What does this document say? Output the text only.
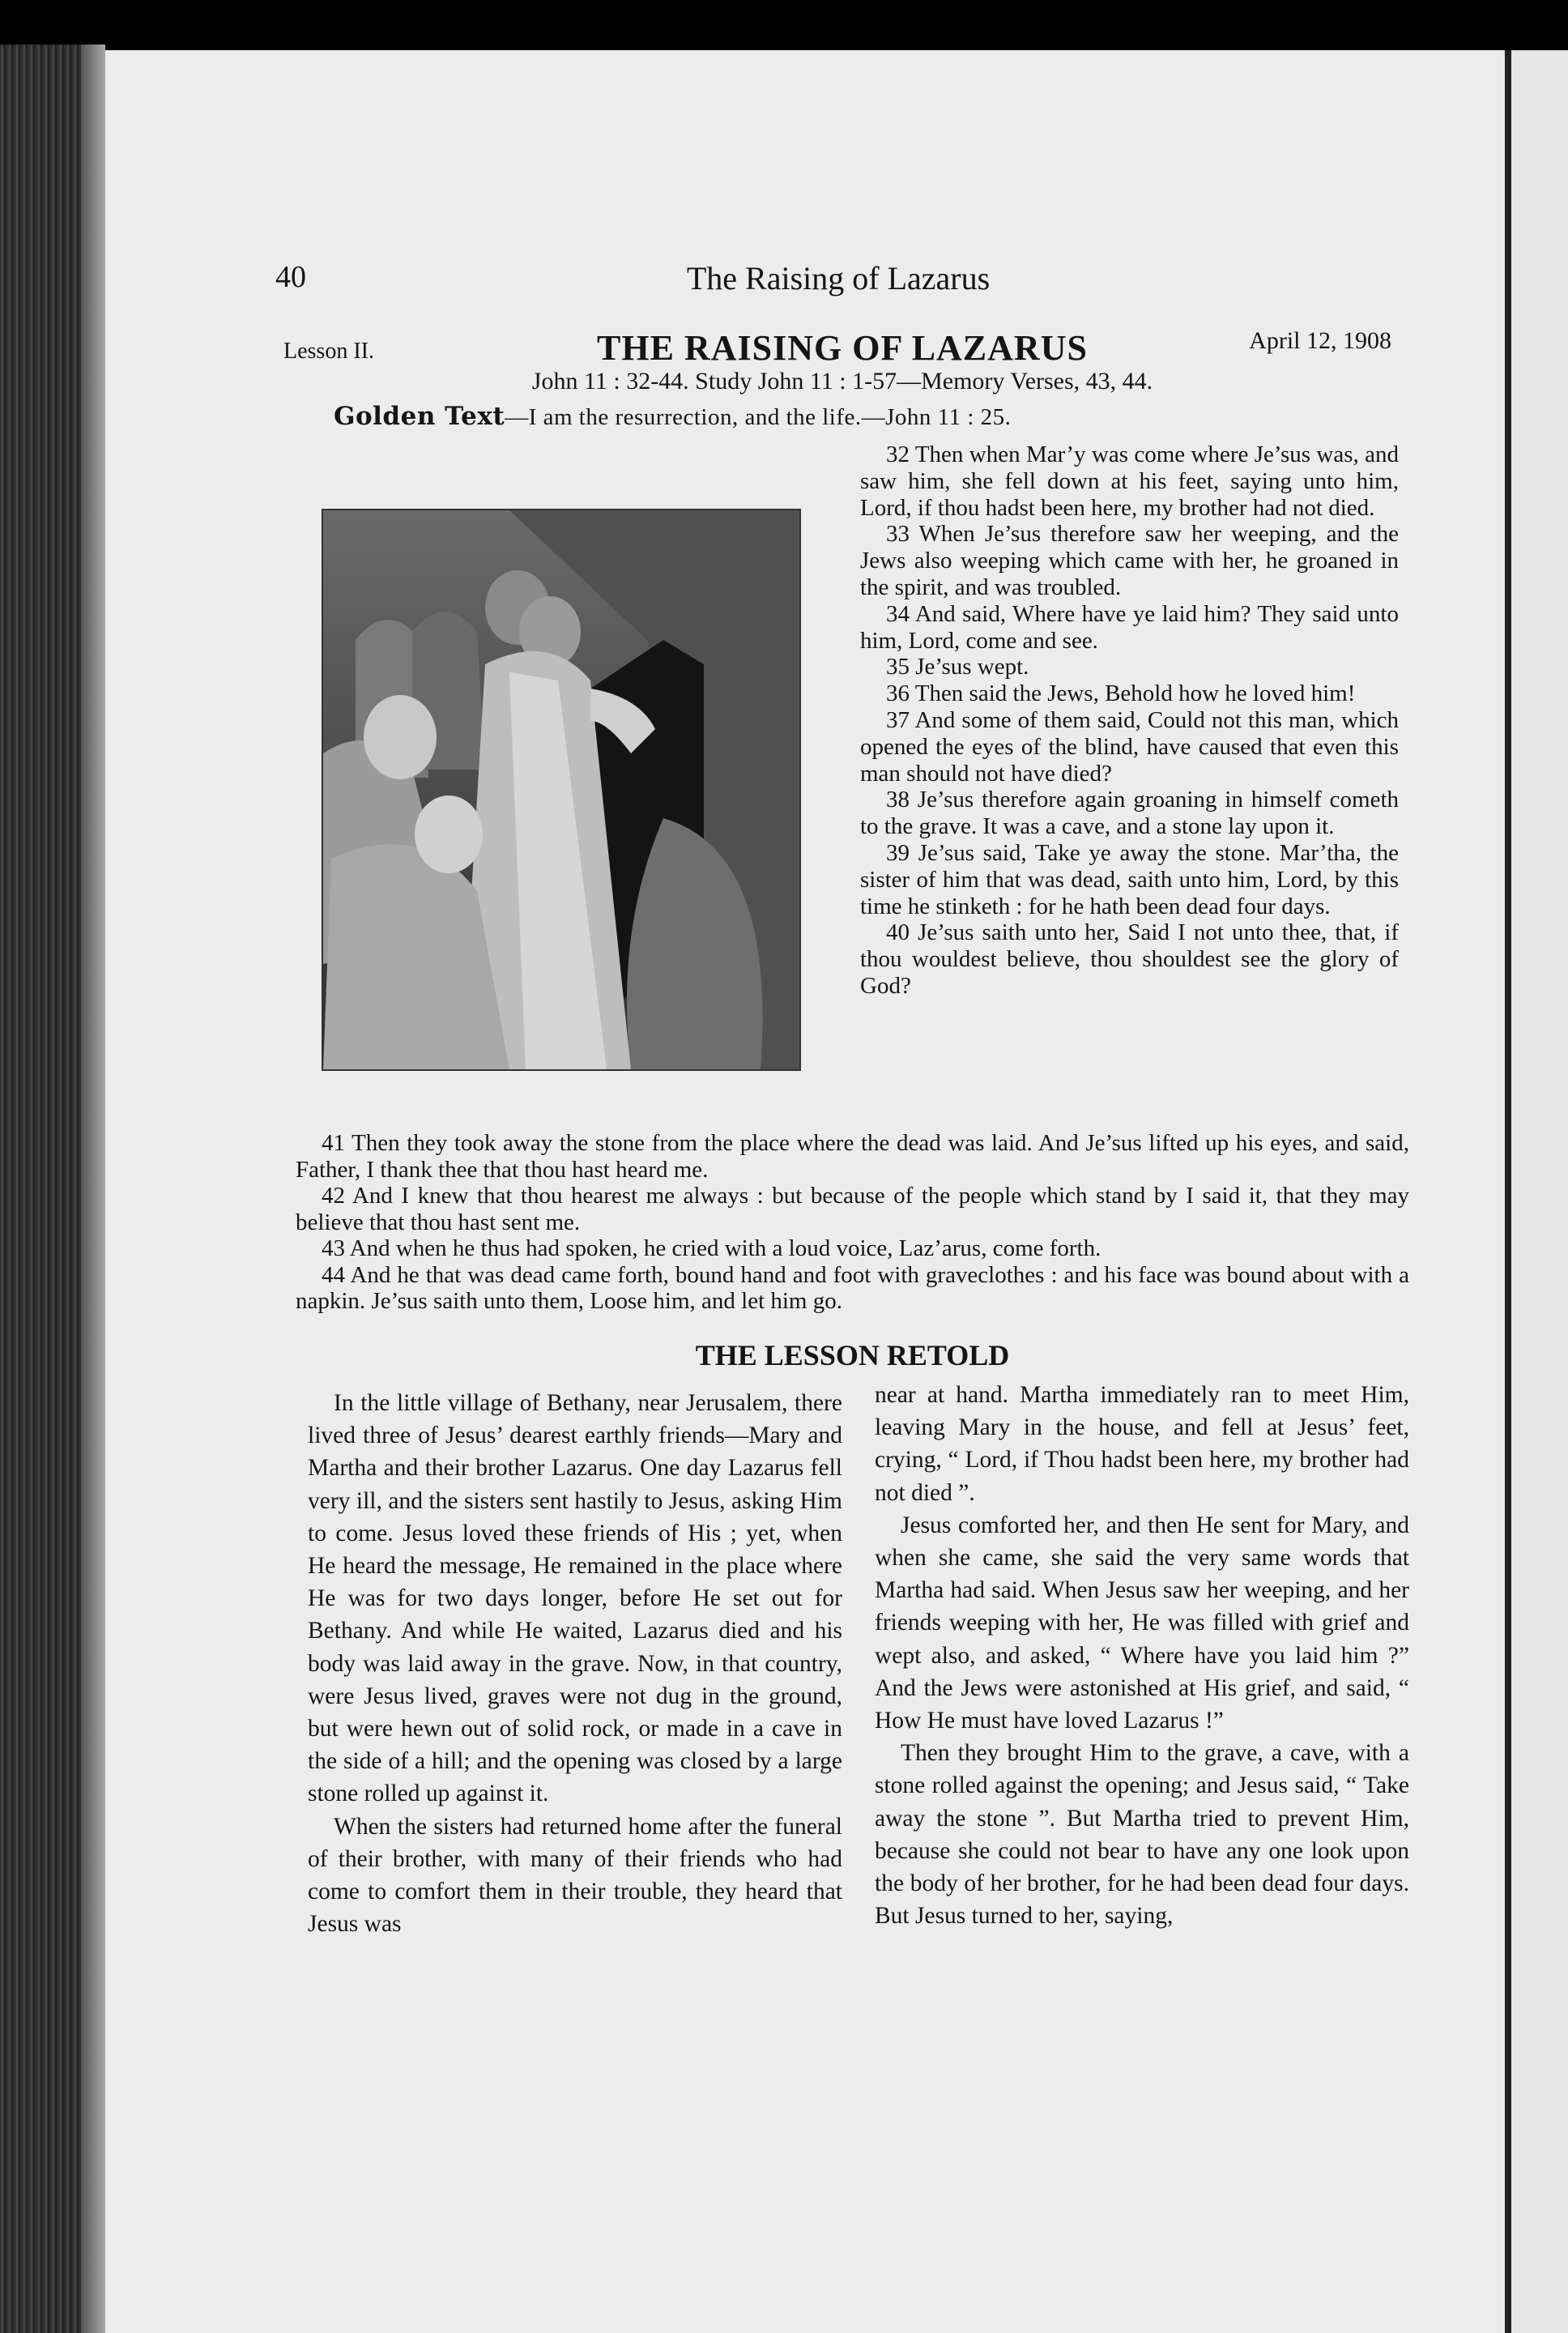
40	The Raising of Lazarus
Lesson II.	THE RAISING OF LAZARUS	April 12, 1908
John 11 : 32-44. Study John 11 : 1-57—Memory Verses, 43, 44.
Golden Text—I am the resurrection, and the life.—John 11 : 25.

32 Then when Mar’y was come where Je’sus was, and saw him, she fell down at his feet, saying unto him, Lord, if thou hadst been here, my brother had not died.

33 When Je’sus therefore saw her weeping, and the Jews also weeping which came with her, he groaned in the spirit, and was troubled.

34 And said, Where have ye laid him? They said unto him, Lord, come and see.

35 Je’sus wept.

36 Then said the Jews, Behold how he loved him!

37 And some of them said, Could not this man, which opened the eyes of the blind, have caused that even this man should not have died?

38 Je’sus therefore again groaning in himself cometh to the grave. It was a cave, and a stone lay upon it.

39 Je’sus said, Take ye away the stone. Mar’tha, the sister of him that was dead, saith unto him, Lord, by this time he stinketh : for he hath been dead four days.

40 Je’sus saith unto her, Said I not unto thee, that, if thou wouldest believe, thou shouldest see the glory of God?

41 Then they took away the stone from the place where the dead was laid. And Je’sus lifted up his eyes, and said, Father, I thank thee that thou hast heard me.

42 And I knew that thou hearest me always : but because of the people which stand by I said it, that they may believe that thou hast sent me.

43 And when he thus had spoken, he cried with a loud voice, Laz’arus, come forth.

44 And he that was dead came forth, bound hand and foot with graveclothes : and his face was bound about with a napkin. Je’sus saith unto them, Loose him, and let him go.

THE LESSON RETOLD

In the little village of Bethany, near Jerusalem, there lived three of Jesus’ dearest earthly friends—Mary and Martha and their brother Lazarus. One day Lazarus fell very ill, and the sisters sent hastily to Jesus, asking Him to come. Jesus loved these friends of His ; yet, when He heard the message, He remained in the place where He was for two days longer, before He set out for Bethany. And while He waited, Lazarus died and his body was laid away in the grave. Now, in that country, were Jesus lived, graves were not dug in the ground, but were hewn out of solid rock, or made in a cave in the side of a hill; and the opening was closed by a large stone rolled up against it.

When the sisters had returned home after the funeral of their brother, with many of their friends who had come to comfort them in their trouble, they heard that Jesus was

near at hand. Martha immediately ran to meet Him, leaving Mary in the house, and fell at Jesus’ feet, crying, “ Lord, if Thou hadst been here, my brother had not died ”.

Jesus comforted her, and then He sent for Mary, and when she came, she said the very same words that Martha had said. When Jesus saw her weeping, and her friends weeping with her, He was filled with grief and wept also, and asked, “ Where have you laid him ?” And the Jews were astonished at His grief, and said, “ How He must have loved Lazarus !”

Then they brought Him to the grave, a cave, with a stone rolled against the opening; and Jesus said, “ Take away the stone ”. But Martha tried to prevent Him, because she could not bear to have any one look upon the body of her brother, for he had been dead four days. But Jesus turned to her, saying,
